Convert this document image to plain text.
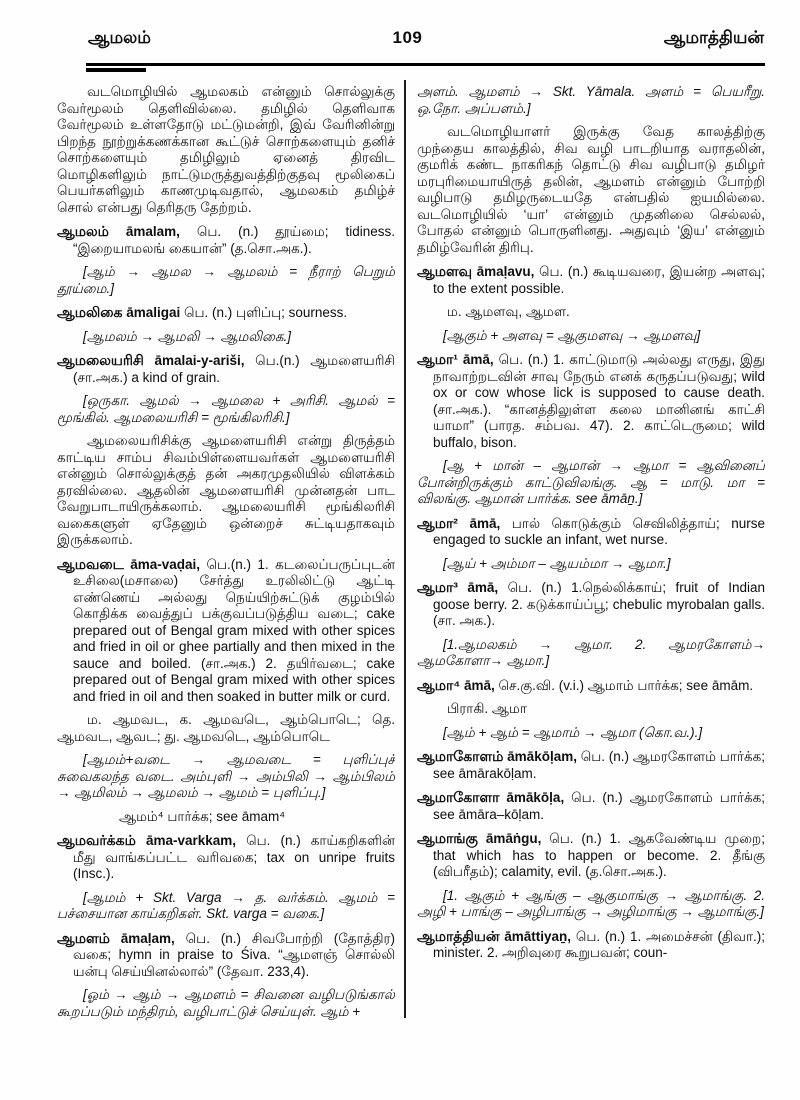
ஆமலம்	109	ஆமாத்தியன்
வடமொழியில் ஆமலகம் என்னும் சொல்லுக்கு வேர்மூலம் தெளிவில்லை. தமிழில் தெளிவாக வேர்மூலம் உள்ளதோடு மட்டுமன்றி, இவ் வேரினின்று பிறந்த நூற்றுக்கணக்கான கூட்டுச் சொற்களையும் தனிச் சொற்களையும் தமிழிலும் ஏனைத் திரவிட மொழிகளிலும் நாட்டுமருத்துவத்திற்குதவு மூலிகைப் பெயர்களிலும் காணமுடிவதால், ஆமலகம் தமிழ்ச் சொல் என்பது தெரிதரு தேற்றம்.
ஆமலம் āmalam, பெ. (n.) தூய்மை; tidiness. “இறையாமலங் கையான்” (த.சொ.அக.).
[ஆம் → ஆமல → ஆமலம் = நீராற் பெறும் தூய்மை.]
ஆமலிகை āmaligai பெ. (n.) புளிப்பு; sourness.
[ஆமலம் → ஆமலி → ஆமலிகை.]
ஆமலையரிசி āmalai-y-ariši, பெ.(n.) ஆமளையரிசி (சா.அக.) a kind of grain.
[ஒருகா. ஆமல் → ஆமலை + அரிசி. ஆமல் = மூங்கில். ஆமலையரிசி = மூங்கிலரிசி.]
ஆமலையரிசிக்கு ஆமளையரிசி என்று திருத்தம் காட்டிய சாம்ப சிவம்பிள்ளையவர்கள் ஆமளையரிசி என்னும் சொல்லுக்குத் தன் அகரமுதலியில் விளக்கம் தரவில்லை. ஆதலின் ஆமளையரிசி முன்னதன் பாட வேறுபாடாயிருக்கலாம். ஆமலையரிசி மூங்கிலரிசி வகைகளுள் ஏதேனும் ஒன்றைச் சுட்டியதாகவும் இருக்கலாம்.
ஆமவடை āma-vaḍai, பெ.(n.) 1. கடலைப்பருப்புடன் உசிலை(மசாலை) சேர்த்து உரலிலிட்டு ஆட்டி எண்ணெய் அல்லது நெய்யிற்சுட்டுக் குழம்பில் கொதிக்க வைத்துப் பக்குவப்படுத்திய வடை; cake prepared out of Bengal gram mixed with other spices and fried in oil or ghee partially and then mixed in the sauce and boiled. (சா.அக.) 2. தயிர்வடை; cake prepared out of Bengal gram mixed with other spices and fried in oil and then soaked in butter milk or curd.
ம. ஆமவட, க. ஆமவடெ, ஆம்பொடெ; தெ. ஆமவட, ஆவட; து. ஆமவடெ, ஆம்பொடெ
[ஆமம்+வடை → ஆமவடை = புளிப்புச் சுவைகலந்த வடை. அம்புளி → அம்பிலி → ஆம்பிலம் → ஆமிலம் → ஆமலம் → ஆமம் = புளிப்பு.]
ஆமம்⁴ பார்க்க; see āmam⁴
ஆமவர்க்கம் āma-varkkam, பெ. (n.) காய்கறிகளின் மீது வாங்கப்பட்ட வரிவகை; tax on unripe fruits (Insc.).
[ஆமம் + Skt. Varga → த. வர்க்கம். ஆமம் = பச்சையான காய்கறிகள். Skt. varga = வகை.]
ஆமளம் āmaḷam, பெ. (n.) சிவபோற்றி (தோத்திர) வகை; hymn in praise to Śiva. “ஆமளஞ் சொல்லி யன்பு செய்யினல்லால்” (தேவா. 233,4).
[ஓம் → ஆம் → ஆமளம் = சிவனை வழிபடுங்கால் கூறப்படும் மந்திரம், வழிபாட்டுச் செய்யுள். ஆம் +
அளம். ஆமளம் → Skt. Yāmala. அளம் = பெயரீறு. ஒ.நோ. அப்பளம்.]
வடமொழியாளர் இருக்கு வேத காலத்திற்கு முந்தைய காலத்தில், சிவ வழி பாடறியாத வராதலின், குமரிக் கண்ட நாகரிகந் தொட்டு சிவ வழிபாடு தமிழர் மரபுரிமையாயிருத் தலின், ஆமளம் என்னும் போற்றி வழிபாடு தமிழருடையதே என்பதில் ஐயமில்லை. வடமொழியில் ‘யா’ என்னும் முதனிலை செல்லல், போதல் என்னும் பொருளினது. அதுவும் ‘இய’ என்னும் தமிழ்வேரின் திரிபு.
ஆமளவு āmaḷavu, பெ. (n.) கூடியவரை, இயன்ற அளவு; to the extent possible.
ம. ஆமளவு, ஆமள.
[ஆகும் + அளவு = ஆகுமளவு → ஆமளவு]
ஆமா¹ āmā, பெ. (n.) 1. காட்டுமாடு அல்லது எருது, இது நாவாற்றடவின் சாவு நேரும் எனக் கருதப்படுவது; wild ox or cow whose lick is supposed to cause death. (சா.அக.). “கானத்திலுள்ள கலை மானினங் காட்சி யாமா” (பாரத. சம்பவ. 47). 2. காட்டெருமை; wild buffalo, bison.
[ஆ + மான் – ஆமான் → ஆமா = ஆவினைப் போன்றிருக்கும் காட்டுவிலங்கு. ஆ = மாடு. மா = விலங்கு. ஆமான் பார்க்க. see āmāṉ.]
ஆமா² āmā, பால் கொடுக்கும் செவிலித்தாய்; nurse engaged to suckle an infant, wet nurse.
[ஆய் + அம்மா – ஆயம்மா → ஆமா.]
ஆமா³ āmā, பெ. (n.) 1.நெல்லிக்காய்; fruit of Indian goose berry. 2. கடுக்காய்ப்பூ; chebulic myrobalan galls. (சா. அக.).
[1.ஆமலகம் → ஆமா. 2. ஆமரகோளம்→ ஆமகோளா→ ஆமா.]
ஆமா⁴ āmā, செ.கு.வி. (v.i.) ஆமாம் பார்க்க; see āmām.
பிராகி. ஆமா
[ஆம் + ஆம் = ஆமாம் → ஆமா (கொ.வ.).]
ஆமாகோளம் āmākōḷam, பெ. (n.) ஆமரகோளம் பார்க்க; see āmārakōḷam.
ஆமாகோளா āmākōḷa, பெ. (n.) ஆமரகோளம் பார்க்க; see āmāra–kōḷam.
ஆமாங்கு āmāṅgu, பெ. (n.) 1. ஆகவேண்டிய முறை; that which has to happen or become. 2. தீங்கு (விபரீதம்); calamity, evil. (த.சொ.அக.).
[1. ஆகும் + ஆங்கு – ஆகுமாங்கு → ஆமாங்கு. 2. அழி + பாங்கு – அழிபாங்கு → அழிமாங்கு → ஆமாங்கு.]
ஆமாத்தியன் āmāttiyaṉ, பெ. (n.) 1. அமைச்சன் (திவா.); minister. 2. அறிவுரை கூறுபவன்; coun-
